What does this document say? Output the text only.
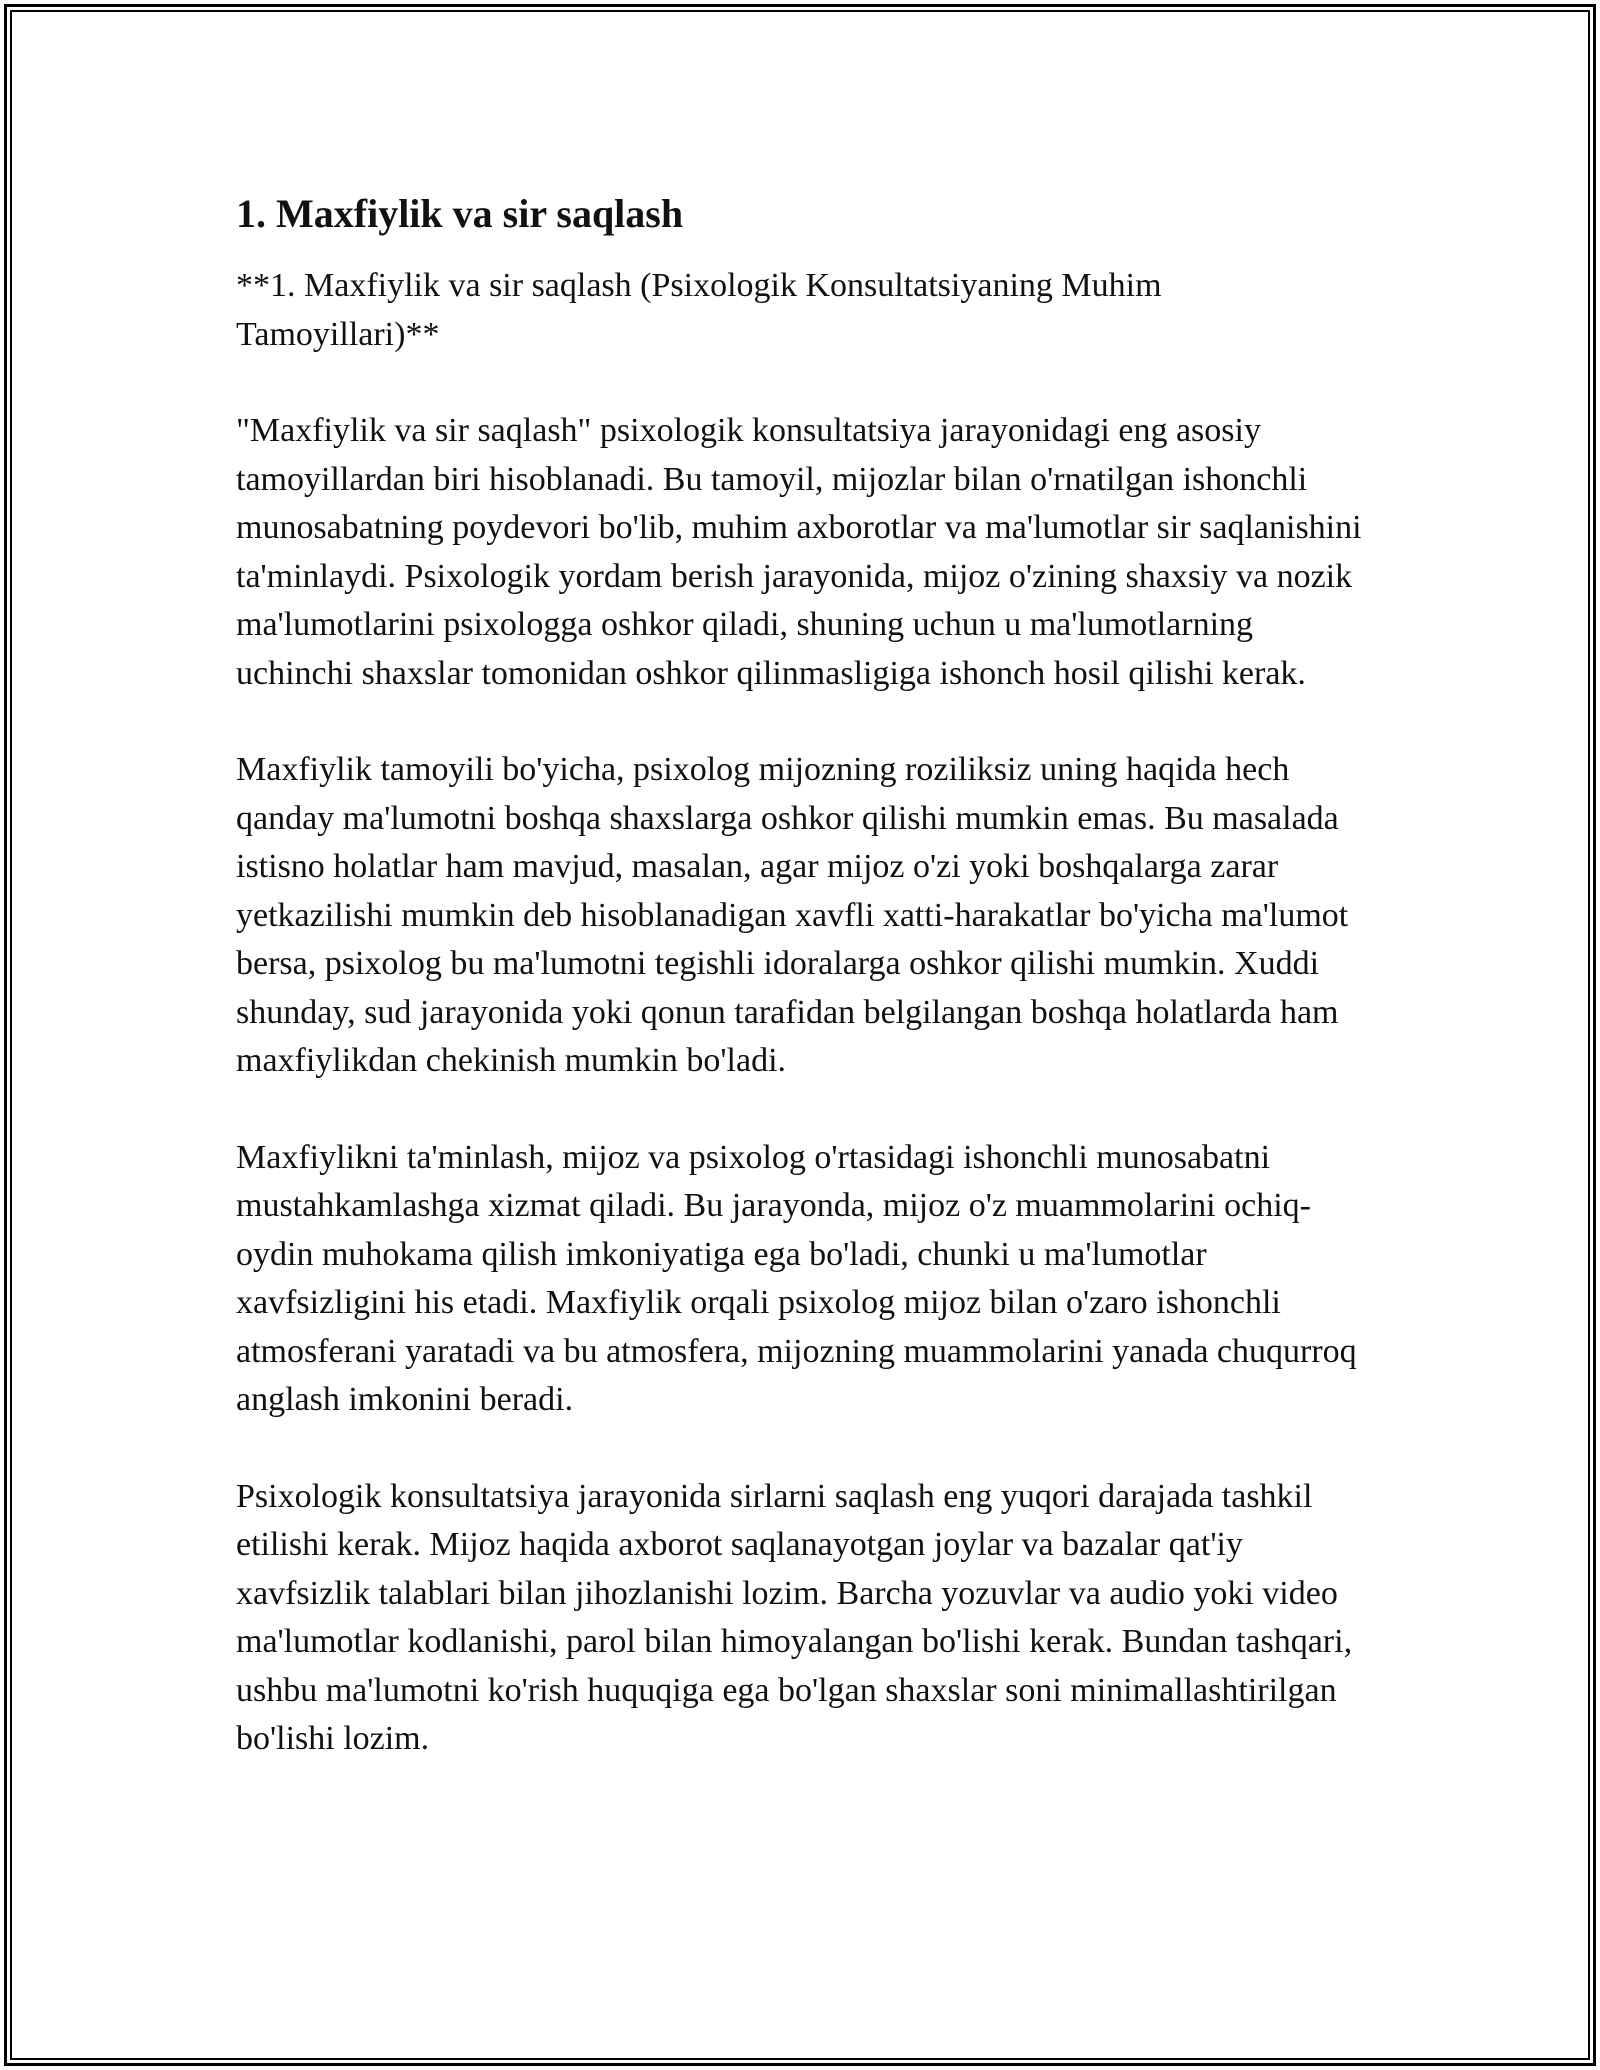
1. Maxfiylik va sir saqlash

**1. Maxfiylik va sir saqlash (Psixologik Konsultatsiyaning Muhim Tamoyillari)**

"Maxfiylik va sir saqlash" psixologik konsultatsiya jarayonidagi eng asosiy tamoyillardan biri hisoblanadi. Bu tamoyil, mijozlar bilan o'rnatilgan ishonchli munosabatning poydevori bo'lib, muhim axborotlar va ma'lumotlar sir saqlanishini ta'minlaydi. Psixologik yordam berish jarayonida, mijoz o'zining shaxsiy va nozik ma'lumotlarini psixologga oshkor qiladi, shuning uchun u ma'lumotlarning uchinchi shaxslar tomonidan oshkor qilinmasligiga ishonch hosil qilishi kerak.

Maxfiylik tamoyili bo'yicha, psixolog mijozning roziliksiz uning haqida hech qanday ma'lumotni boshqa shaxslarga oshkor qilishi mumkin emas. Bu masalada istisno holatlar ham mavjud, masalan, agar mijoz o'zi yoki boshqalarga zarar yetkazilishi mumkin deb hisoblanadigan xavfli xatti-harakatlar bo'yicha ma'lumot bersa, psixolog bu ma'lumotni tegishli idoralarga oshkor qilishi mumkin. Xuddi shunday, sud jarayonida yoki qonun tarafidan belgilangan boshqa holatlarda ham maxfiylikdan chekinish mumkin bo'ladi.

Maxfiylikni ta'minlash, mijoz va psixolog o'rtasidagi ishonchli munosabatni mustahkamlashga xizmat qiladi. Bu jarayonda, mijoz o'z muammolarini ochiq-oydin muhokama qilish imkoniyatiga ega bo'ladi, chunki u ma'lumotlar xavfsizligini his etadi. Maxfiylik orqali psixolog mijoz bilan o'zaro ishonchli atmosferani yaratadi va bu atmosfera, mijozning muammolarini yanada chuqurroq anglash imkonini beradi.

Psixologik konsultatsiya jarayonida sirlarni saqlash eng yuqori darajada tashkil etilishi kerak. Mijoz haqida axborot saqlanayotgan joylar va bazalar qat'iy xavfsizlik talablari bilan jihozlanishi lozim. Barcha yozuvlar va audio yoki video ma'lumotlar kodlanishi, parol bilan himoyalangan bo'lishi kerak. Bundan tashqari, ushbu ma'lumotni ko'rish huquqiga ega bo'lgan shaxslar soni minimallashtirilgan bo'lishi lozim.
